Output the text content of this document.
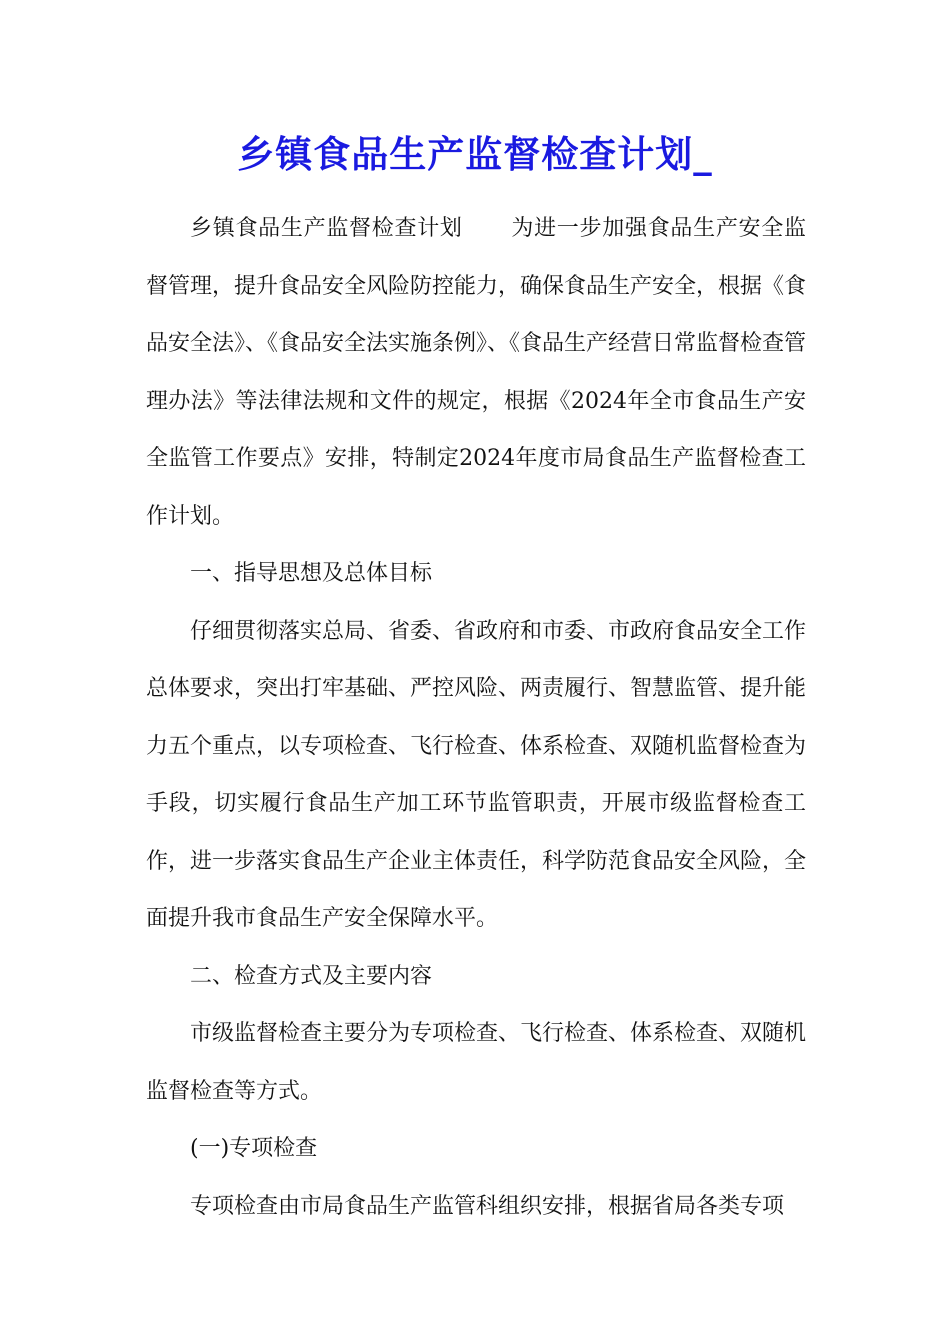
乡镇食品生产监督检查计划_

乡镇食品生产监督检查计划 为进一步加强食品生产安全监督管理，提升食品安全风险防控能力，确保食品生产安全，根据《食品安全法》、《食品安全法实施条例》、《食品生产经营日常监督检查管理办法》等法律法规和文件的规定，根据《2024年全市食品生产安全监管工作要点》安排，特制定2024年度市局食品生产监督检查工作计划。

一、指导思想及总体目标

仔细贯彻落实总局、省委、省政府和市委、市政府食品安全工作总体要求，突出打牢基础、严控风险、两责履行、智慧监管、提升能力五个重点，以专项检查、飞行检查、体系检查、双随机监督检查为手段，切实履行食品生产加工环节监管职责，开展市级监督检查工作，进一步落实食品生产企业主体责任，科学防范食品安全风险，全面提升我市食品生产安全保障水平。

二、检查方式及主要内容

市级监督检查主要分为专项检查、飞行检查、体系检查、双随机监督检查等方式。

(一)专项检查

专项检查由市局食品生产监管科组织安排，根据省局各类专项
